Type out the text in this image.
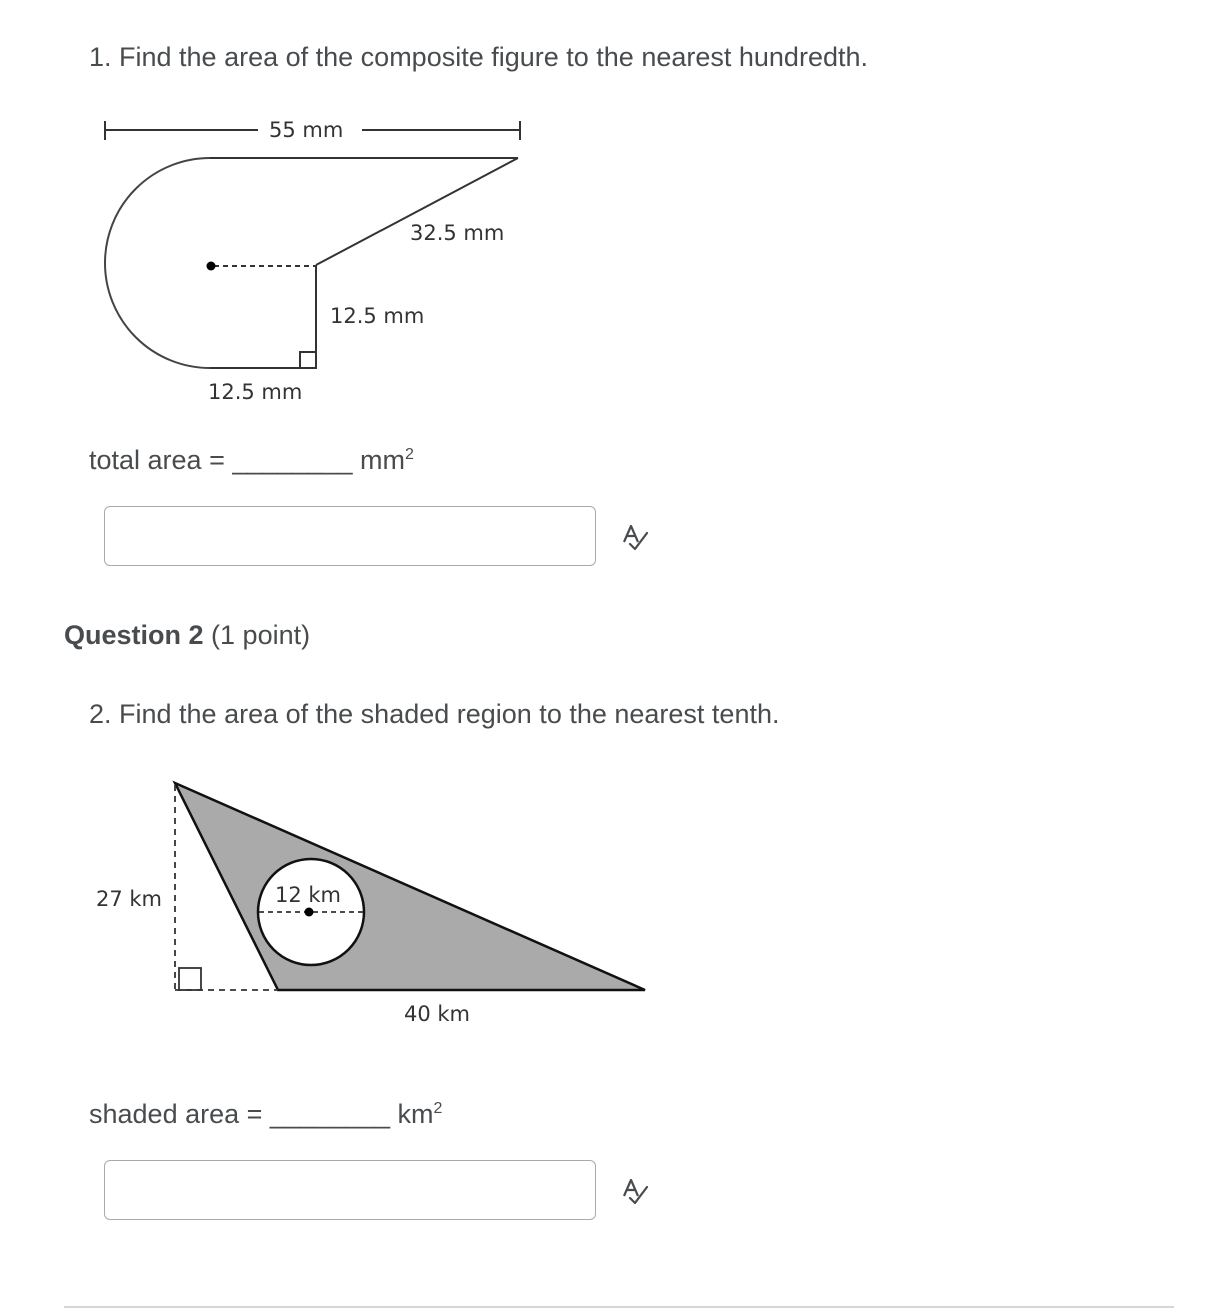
1. Find the area of the composite figure to the nearest hundredth.
55 mm
32.5 mm
12.5 mm
12.5 mm
total area = ________ $mm^2$
Question 2 (1 point)
2. Find the area of the shaded region to the nearest tenth.
27 km	12 km
40 km
shaded area = ________ $km^2$
